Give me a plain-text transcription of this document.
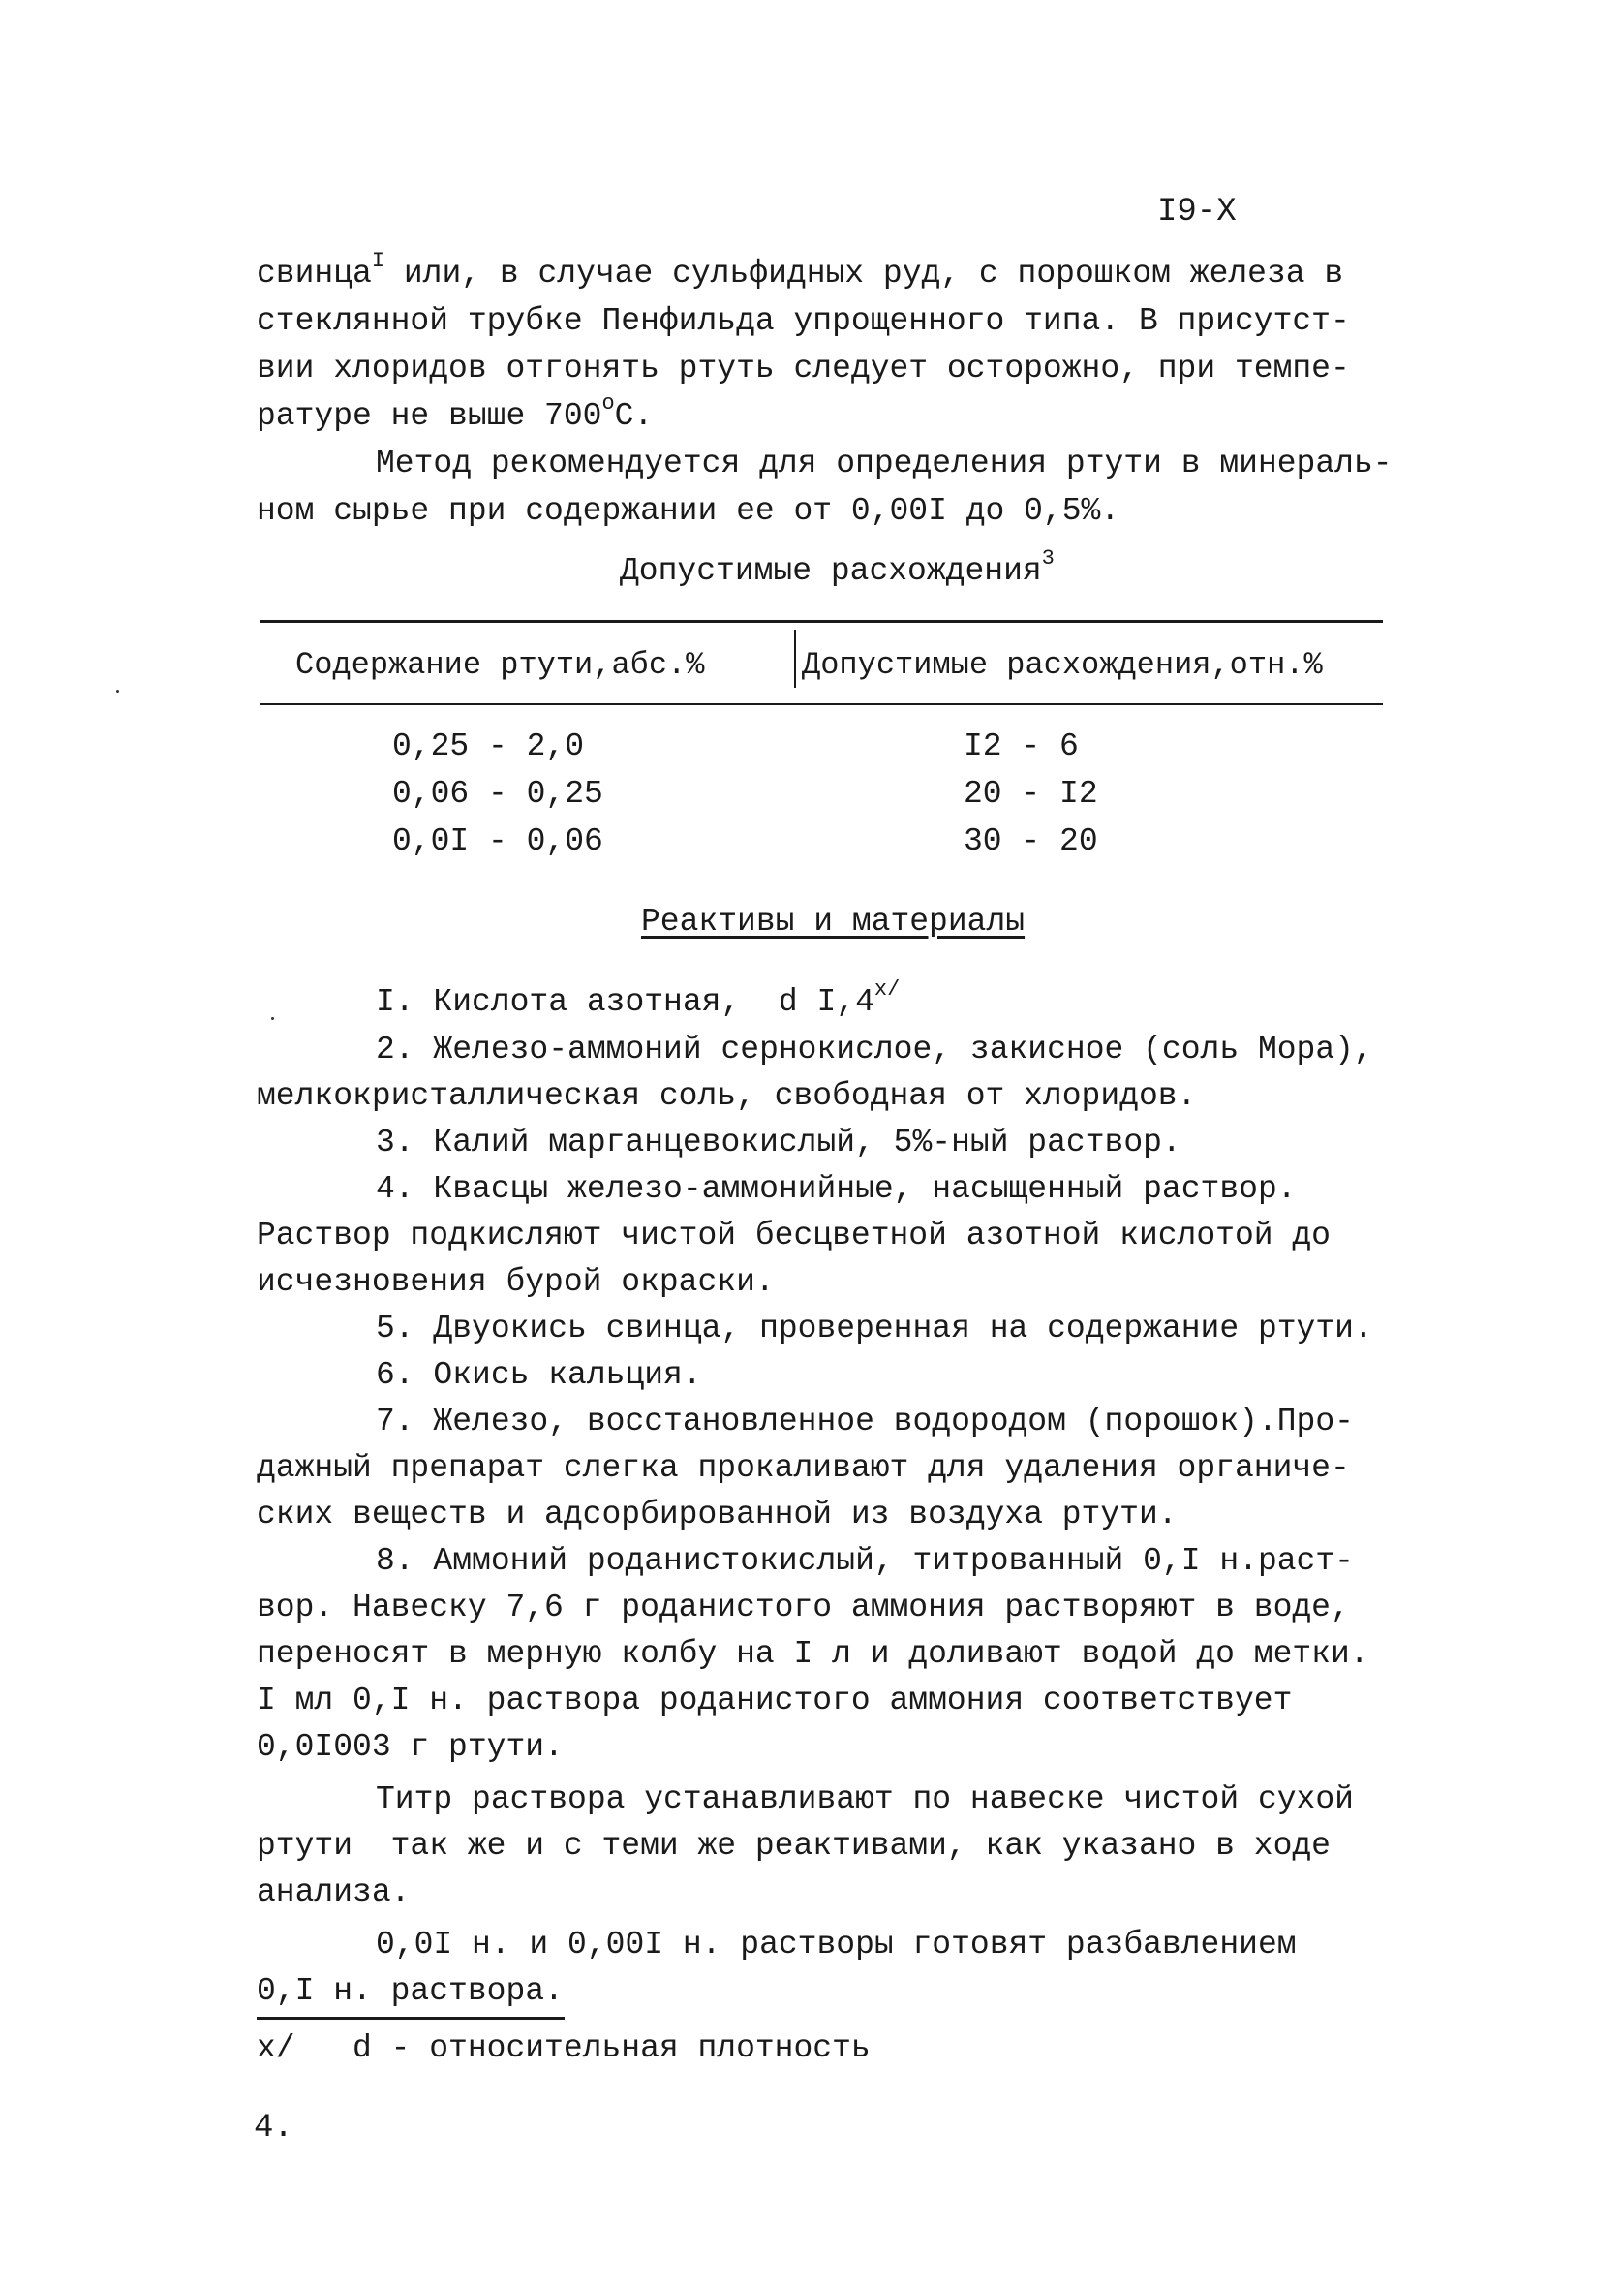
I9-X
свинца$^I$ или, в случае сульфидных руд, с порошком железа в
стеклянной трубке Пенфильда упрощенного типа. В присутст-
вии хлоридов отгонять ртуть следует осторожно, при темпе-
ратуре не выше $700^оС$.
Метод рекомендуется для определения ртути в минераль-
ном сырье при содержании ее от 0,00I до 0,5%.
Допустимые расхождения$^3$
Содержание ртути,абс.%	Допустимые расхождения,отн.%
0,25 - 2,0	I2 - 6
0,06 - 0,25	20 - I2
0,0I - 0,06	30 - 20
Реактивы и материалы
I. Кислота азотная,  d $I,4^{x/}$
2. Железо-аммоний сернокислое, закисное (соль Мора),
мелкокристаллическая соль, свободная от хлоридов.
3. Калий марганцевокислый, 5%-ный раствор.
4. Квасцы железо-аммонийные, насыщенный раствор.
Раствор подкисляют чистой бесцветной азотной кислотой до
исчезновения бурой окраски.
5. Двуокись свинца, проверенная на содержание ртути.
6. Окись кальция.
7. Железо, восстановленное водородом (порошок).Про-
дажный препарат слегка прокаливают для удаления органиче-
ских веществ и адсорбированной из воздуха ртути.
8. Аммоний роданистокислый, титрованный 0,I н.раст-
вор. Навеску 7,6 г роданистого аммония растворяют в воде,
переносят в мерную колбу на I л и доливают водой до метки.
I мл 0,I н. раствора роданистого аммония соответствует
0,0I003 г ртути.
Титр раствора устанавливают по навеске чистой сухой
ртути  так же и с теми же реактивами, как указано в ходе
анализа.
0,0I н. и 0,00I н. растворы готовят разбавлением
0,I н. раствора.
x/   d - относительная плотность
4.
